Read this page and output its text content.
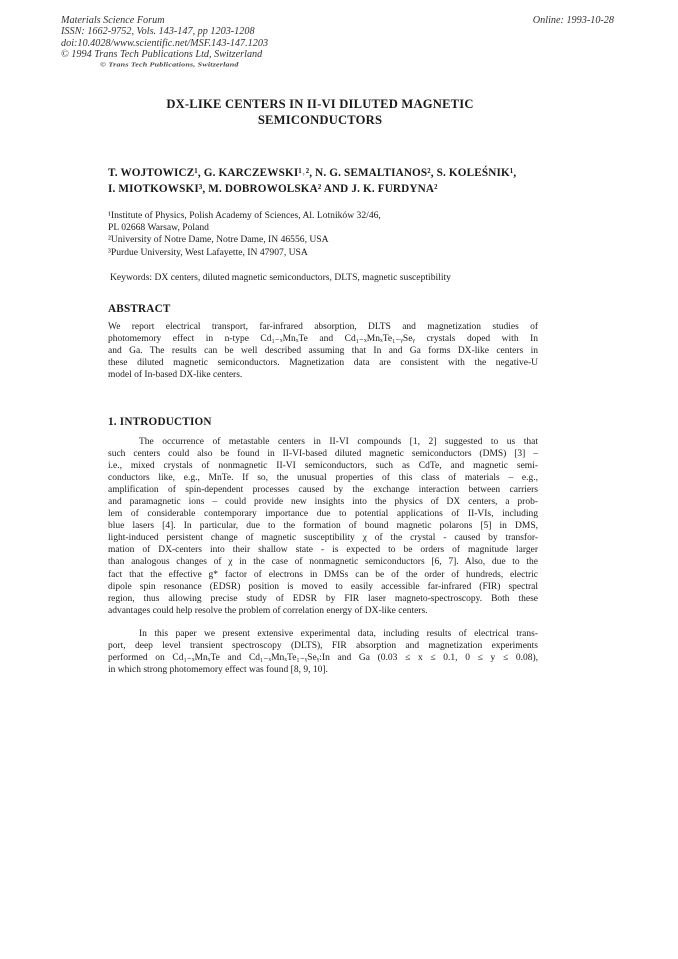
Materials Science Forum
ISSN: 1662-9752, Vols. 143-147, pp 1203-1208
doi:10.4028/www.scientific.net/MSF.143-147.1203
© 1994 Trans Tech Publications Ltd, Switzerland
Online: 1993-10-28
© Trans Tech Publications, Switzerland
DX-LIKE CENTERS IN II-VI DILUTED MAGNETIC
SEMICONDUCTORS
T. WOJTOWICZ¹, G. KARCZEWSKI¹˒², N. G. SEMALTIANOS², S. KOLEŚNIK¹,
I. MIOTKOWSKI³, M. DOBROWOLSKA² AND J. K. FURDYNA²
¹Institute of Physics, Polish Academy of Sciences, Al. Lotników 32/46,
PL 02668 Warsaw, Poland
²University of Notre Dame, Notre Dame, IN 46556, USA
³Purdue University, West Lafayette, IN 47907, USA
Keywords: DX centers, diluted magnetic semiconductors, DLTS, magnetic susceptibility
ABSTRACT
We report electrical transport, far-infrared absorption, DLTS and magnetization studies of
photomemory effect in n-type Cd₁₋ₓMnₓTe and Cd₁₋ₓMnₓTe₁₋ᵧSeᵧ crystals doped with In
and Ga. The results can be well described assuming that In and Ga forms DX-like centers in
these diluted magnetic semiconductors. Magnetization data are consistent with the negative-U
model of In-based DX-like centers.
1. INTRODUCTION
The occurrence of metastable centers in II-VI compounds [1, 2] suggested to us that
such centers could also be found in II-VI-based diluted magnetic semiconductors (DMS) [3] –
i.e., mixed crystals of nonmagnetic II-VI semiconductors, such as CdTe, and magnetic semi-
conductors like, e.g., MnTe. If so, the unusual properties of this class of materials – e.g.,
amplification of spin-dependent processes caused by the exchange interaction between carriers
and paramagnetic ions – could provide new insights into the physics of DX centers, a prob-
lem of considerable contemporary importance due to potential applications of II-VIs, including
blue lasers [4]. In particular, due to the formation of bound magnetic polarons [5] in DMS,
light-induced persistent change of magnetic susceptibility χ of the crystal - caused by transfor-
mation of DX-centers into their shallow state - is expected to be orders of magnitude larger
than analogous changes of χ in the case of nonmagnetic semiconductors [6, 7]. Also, due to the
fact that the effective g* factor of electrons in DMSs can be of the order of hundreds, electric
dipole spin resonance (EDSR) position is moved to easily accessible far-infrared (FIR) spectral
region, thus allowing precise study of EDSR by FIR laser magneto-spectroscopy. Both these
advantages could help resolve the problem of correlation energy of DX-like centers.
In this paper we present extensive experimental data, including results of electrical trans-
port, deep level transient spectroscopy (DLTS), FIR absorption and magnetization experiments
performed on Cd₁₋ₓMnₓTe and Cd₁₋ₓMnₓTe₁₋ᵧSeᵧ:In and Ga (0.03 ≤ x ≤ 0.1, 0 ≤ y ≤ 0.08),
in which strong photomemory effect was found [8, 9, 10].
